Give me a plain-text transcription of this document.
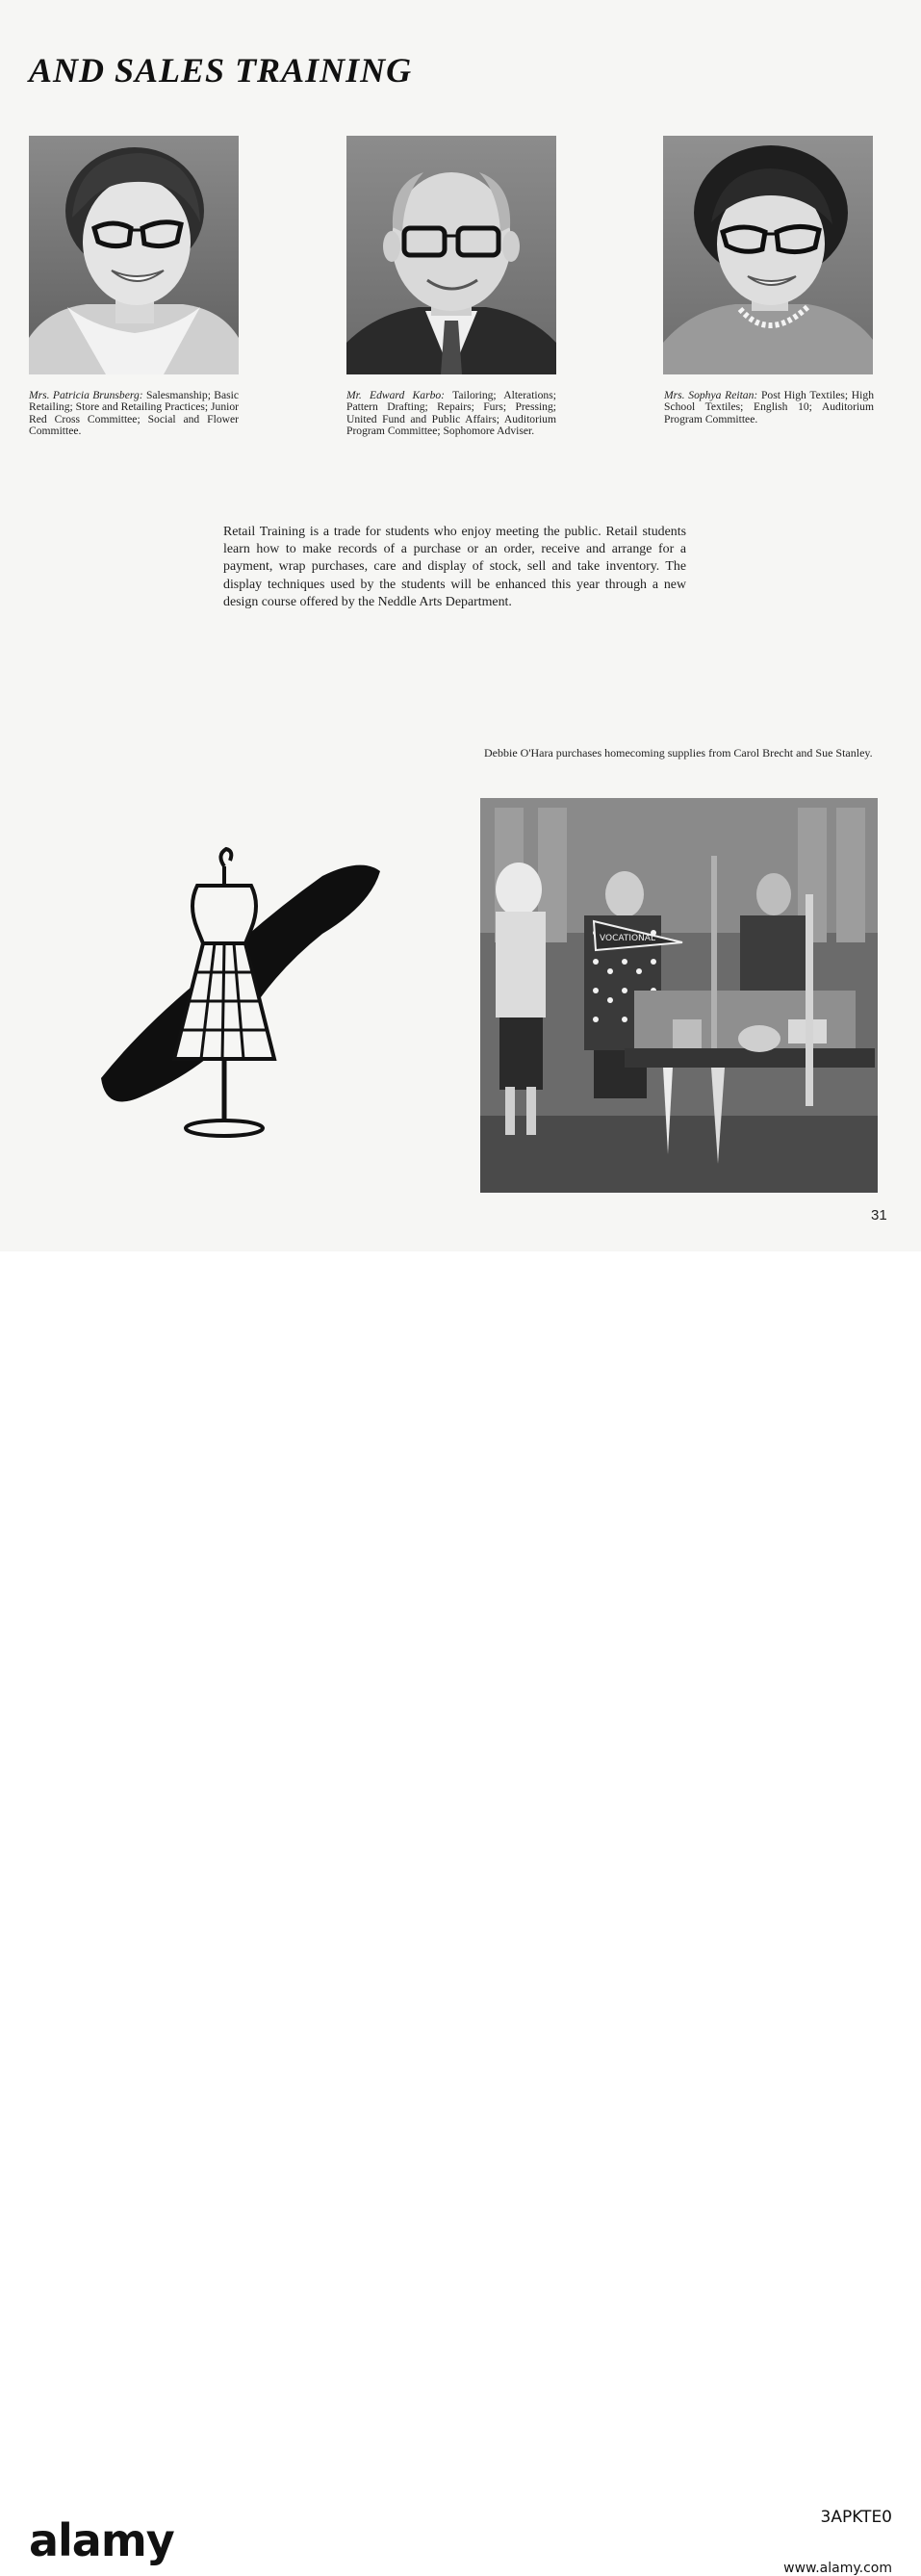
AND SALES TRAINING
Mrs. Patricia Brunsberg: Salesmanship; Basic Retailing; Store and Retailing Practices; Junior Red Cross Committee; Social and Flower Committee.
Mr. Edward Karbo: Tailoring; Alterations; Pattern Drafting; Repairs; Furs; Pressing; United Fund and Public Affairs; Auditorium Program Committee; Sophomore Adviser.
Mrs. Sophya Reitan: Post High Textiles; High School Textiles; English 10; Auditorium Program Committee.
Retail Training is a trade for students who enjoy meeting the public. Retail students learn how to make records of a purchase or an order, receive and arrange for a payment, wrap purchases, care and display of stock, sell and take inventory. The display techniques used by the students will be enhanced this year through a new design course offered by the Neddle Arts Department.
Debbie O'Hara purchases homecoming supplies from Carol Brecht and Sue Stanley.
VOCATIONAL
31
alamy	3APKTE0
www.alamy.com
